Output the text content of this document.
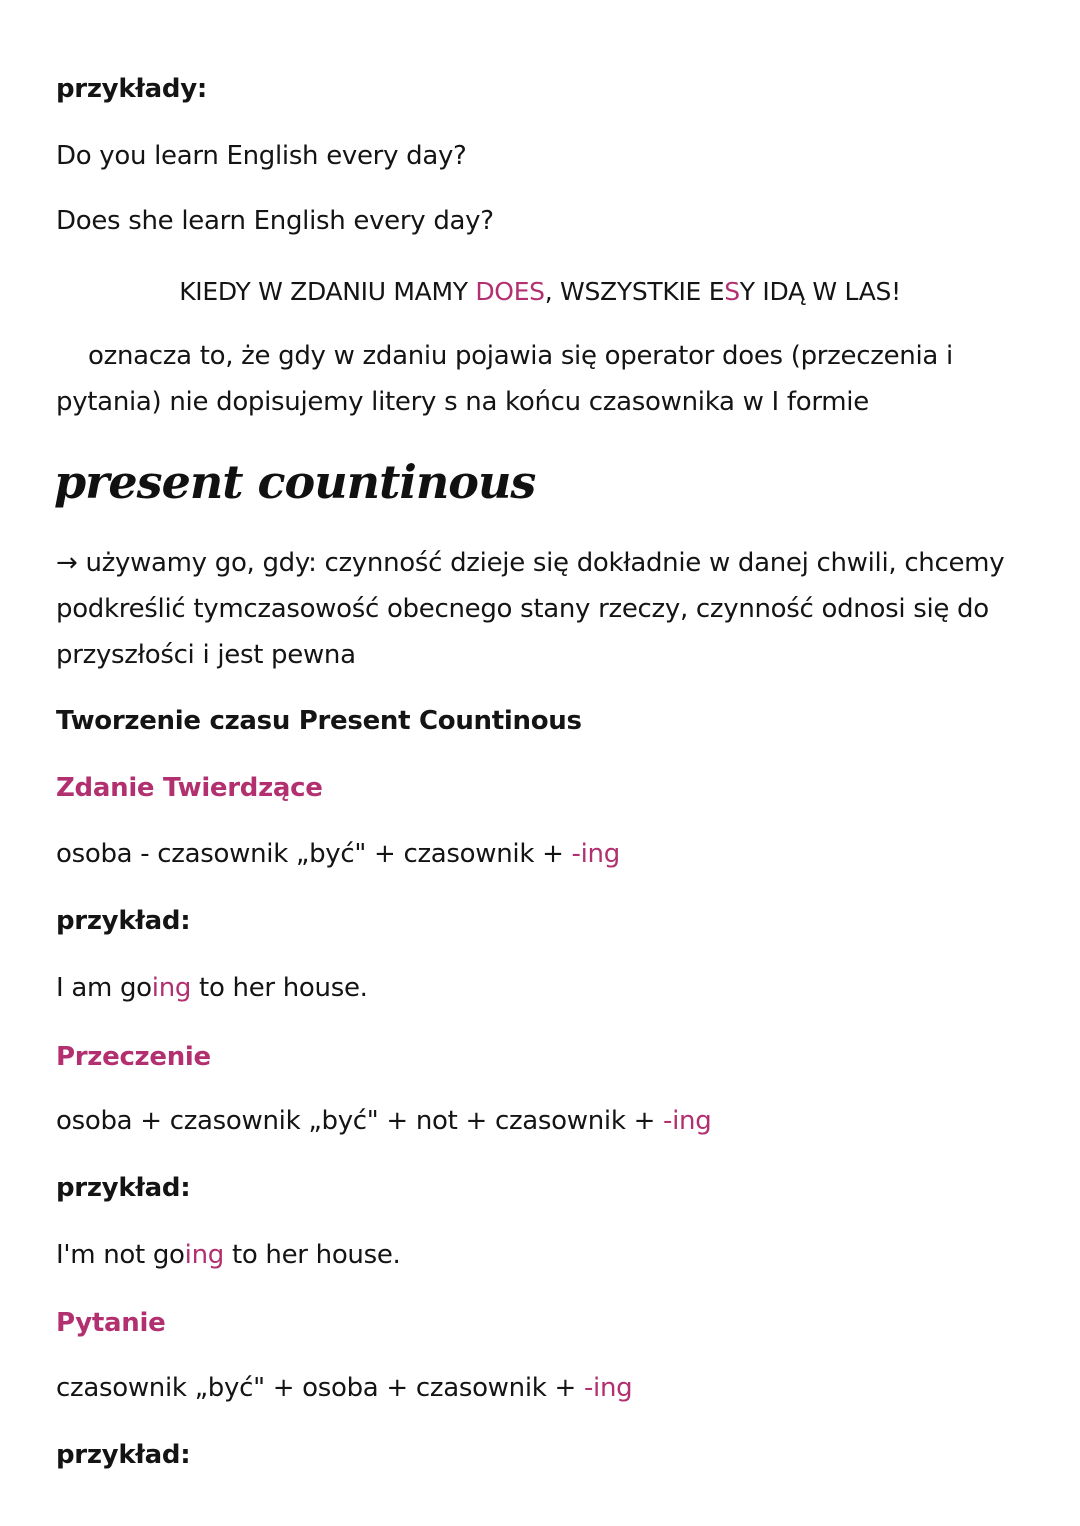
przykłady:
Do you learn English every day?
Does she learn English every day?
KIEDY W ZDANIU MAMY DOES, WSZYSTKIE ESY IDĄ W LAS!
oznacza to, że gdy w zdaniu pojawia się operator does (przeczenia i pytania) nie dopisujemy litery s na końcu czasownika w I formie
present countinous
→ używamy go, gdy: czynność dzieje się dokładnie w danej chwili, chcemy podkreślić tymczasowość obecnego stany rzeczy, czynność odnosi się do przyszłości i jest pewna
Tworzenie czasu Present Countinous
Zdanie Twierdzące
osoba - czasownik „być" + czasownik + -ing
przykład:
I am going to her house.
Przeczenie
osoba + czasownik „być" + not + czasownik + -ing
przykład:
I'm not going to her house.
Pytanie
czasownik „być" + osoba + czasownik + -ing
przykład:
